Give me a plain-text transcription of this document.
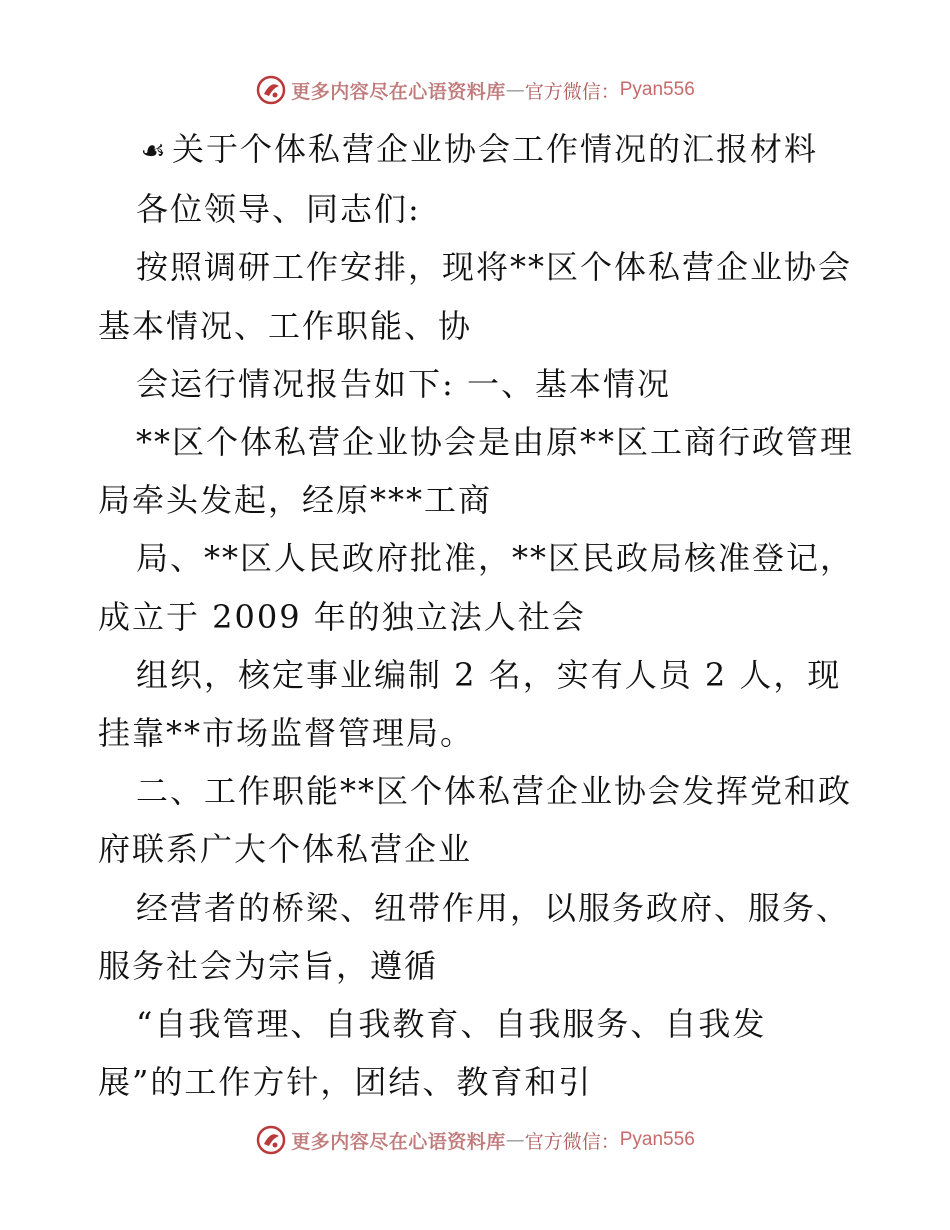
更多内容尽在心语资料库 — 官方微信： Pyan556

☙ 关于个体私营企业协会工作情况的汇报材料

各位领导、同志们:

按照调研工作安排，现将**区个体私营企业协会

基本情况、工作职能、协

会运行情况报告如下: 一、基本情况

**区个体私营企业协会是由原**区工商行政管理

局牵头发起，经原***工商

局、**区人民政府批准，**区民政局核准登记，

成立于 2009 年的独立法人社会

组织，核定事业编制 2 名，实有人员 2 人，现

挂靠**市场监督管理局。

二、工作职能**区个体私营企业协会发挥党和政

府联系广大个体私营企业

经营者的桥梁、纽带作用，以服务政府、服务、

服务社会为宗旨，遵循

“自我管理、自我教育、自我服务、自我发

展”的工作方针，团结、教育和引

更多内容尽在心语资料库 — 官方微信： Pyan556
